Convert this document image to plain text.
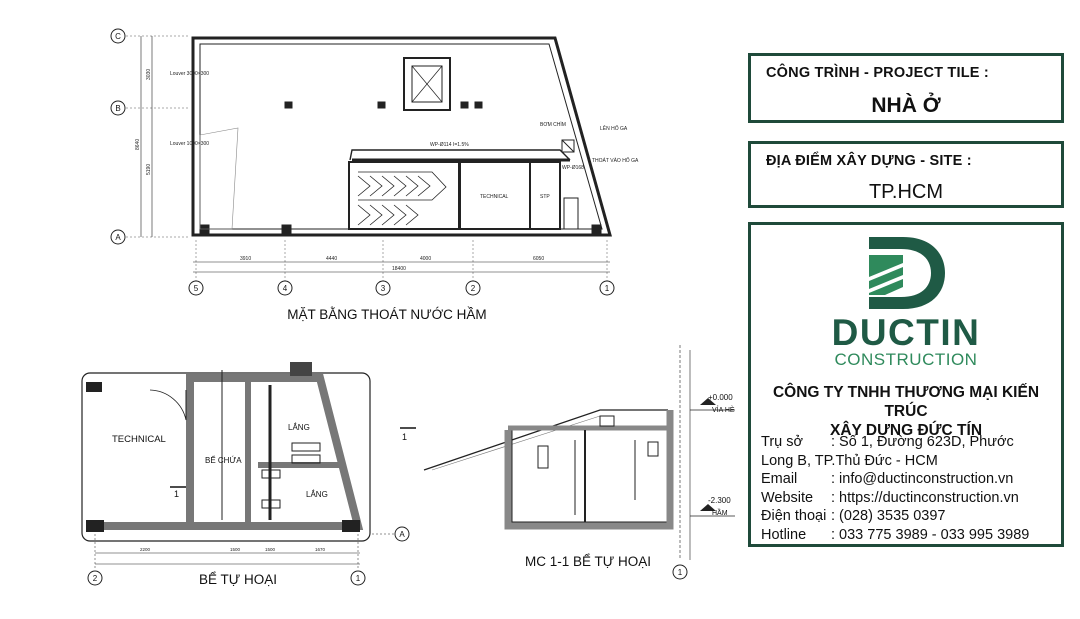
C
B
A
5	4	3	2	1
3910	4440	4000	6050
18400
3030
5190
8640
Louver 3000×300
Louver 1000×300
TECHNICAL	STP
BƠM CHÌM
LÊN HỐ GA
THOÁT VÀO HỐ GA
WP-Ø114 I=1.5%
WP-Ø168
MẶT BẰNG THOÁT NƯỚC HẦM
TECHNICAL
BỂ CHỨA
LẮNG
LẮNG
1
1
2200	1500	1500	1670
2	1
A
BỂ TỰ HOẠI
+0.000
VỈA HÈ
-2.300
HẦM
1
MC 1-1 BỂ TỰ HOẠI
CÔNG TRÌNH - PROJECT TILE :
NHÀ Ở
ĐỊA ĐIỂM XÂY DỰNG - SITE :
TP.HCM
DUCTIN
CONSTRUCTION
CÔNG TY TNHH THƯƠNG MẠI KIẾN TRÚC
XÂY DỰNG ĐỨC TÍN
Trụ sở	: Số 1, Đường 623D, Phước
Long B, TP.Thủ Đức - HCM
Email	: info@ductinconstruction.vn
Website	: https://ductinconstruction.vn
Điện thoại : (028) 3535 0397
Hotline	: 033 775 3989 - 033 995 3989
